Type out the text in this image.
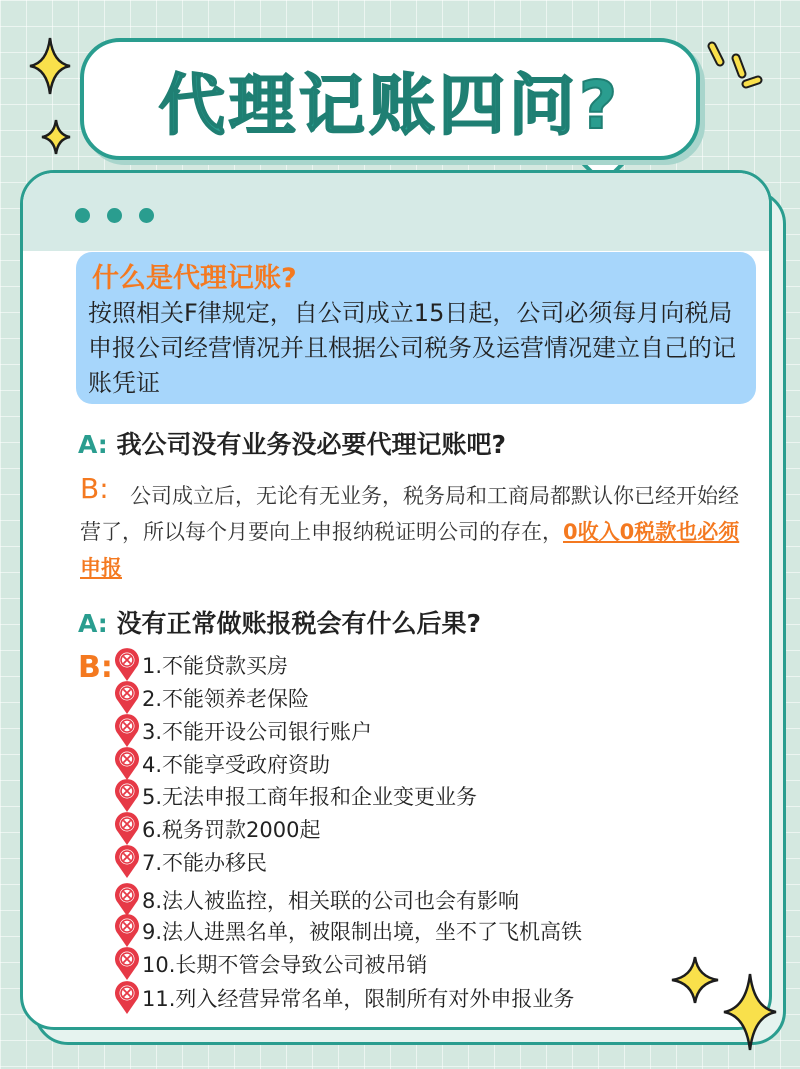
代理记账四问?
什么是代理记账?
按照相关F律规定，自公司成立15日起，公司必须每月向税局申报公司经营情况并且根据公司税务及运营情况建立自己的记账凭证
A: 我公司没有业务没必要代理记账吧?
B:	公司成立后，无论有无业务，税务局和工商局都默认你已经开始经营了，所以每个月要向上申报纳税证明公司的存在，0收入0税款也必须申报
A: 没有正常做账报税会有什么后果?
B: 1.不能贷款买房
2.不能领养老保险
3.不能开设公司银行账户
4.不能享受政府资助
5.无法申报工商年报和企业变更业务
6.税务罚款2000起
7.不能办移民
8.法人被监控，相关联的公司也会有影响
9.法人进黑名单，被限制出境，坐不了飞机高铁
10.长期不管会导致公司被吊销
11.列入经营异常名单，限制所有对外申报业务
